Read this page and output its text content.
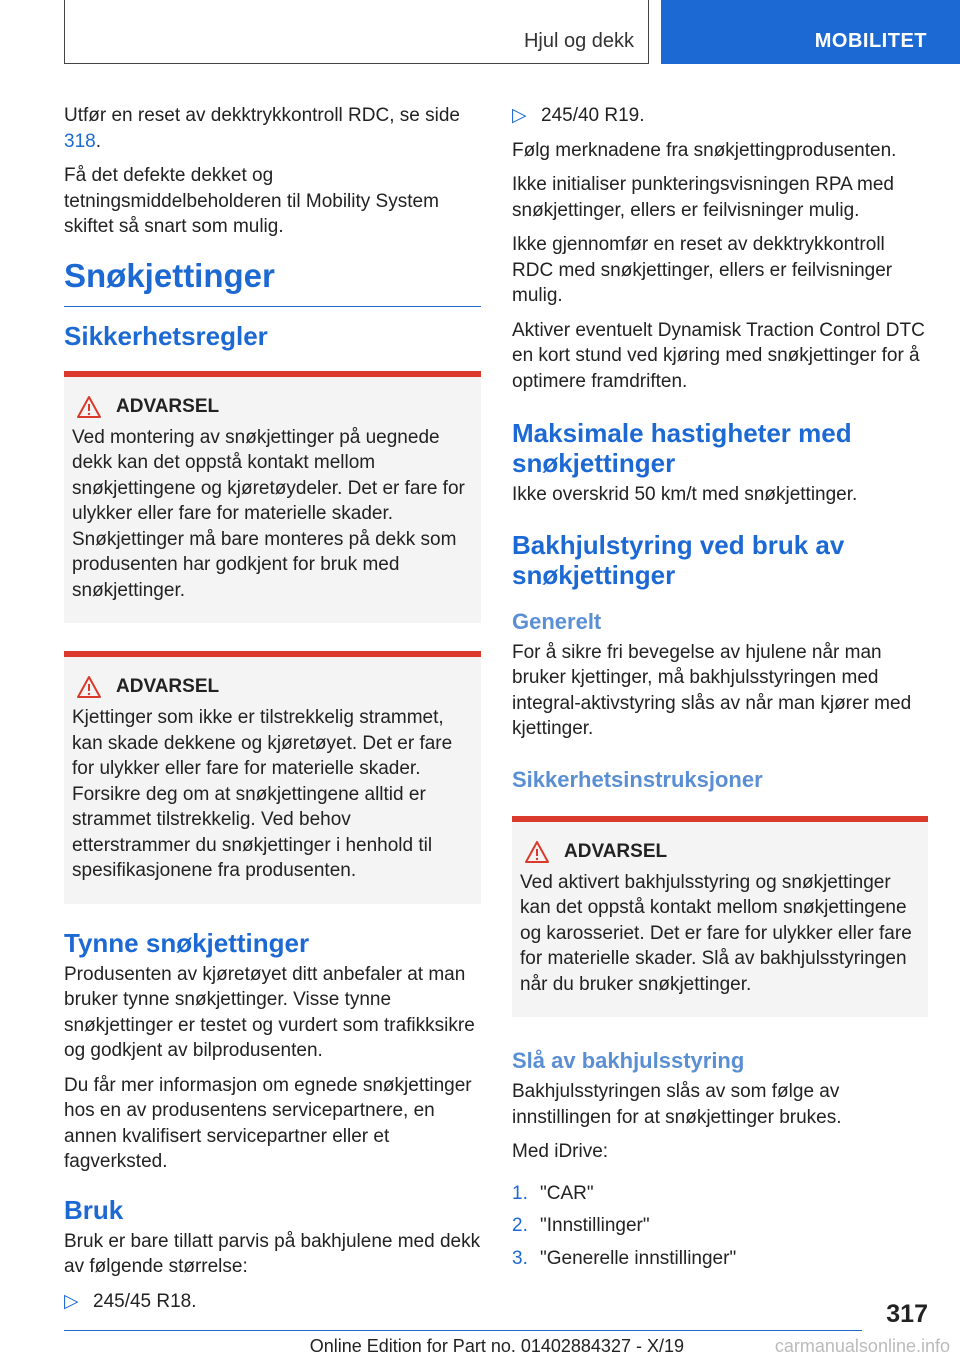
Hjul og dekk	MOBILITET

Utfør en reset av dekktrykkontroll RDC, se side 318.

Få det defekte dekket og tetningsmiddelbeholderen til Mobility System skiftet så snart som mulig.

Snøkjettinger
Sikkerhetsregler
ADVARSEL

Ved montering av snøkjettinger på uegnede dekk kan det oppstå kontakt mellom snøkjettingene og kjøretøydeler. Det er fare for ulykker eller fare for materielle skader. Snøkjettinger må bare monteres på dekk som produsenten har godkjent for bruk med snøkjettinger.

ADVARSEL

Kjettinger som ikke er tilstrekkelig strammet, kan skade dekkene og kjøretøyet. Det er fare for ulykker eller fare for materielle skader. Forsikre deg om at snøkjettingene alltid er strammet tilstrekkelig. Ved behov etterstrammer du snøkjettinger i henhold til spesifikasjonene fra produsenten.

Tynne snøkjettinger

Produsenten av kjøretøyet ditt anbefaler at man bruker tynne snøkjettinger. Visse tynne snøkjettinger er testet og vurdert som trafikksikre og godkjent av bilprodusenten.

Du får mer informasjon om egnede snøkjettinger hos en av produsentens servicepartnere, en annen kvalifisert servicepartner eller et fagverksted.

Bruk

Bruk er bare tillatt parvis på bakhjulene med dekk av følgende størrelse:

▷ 245/45 R18.
▷ 245/40 R19.

Følg merknadene fra snøkjettingprodusenten.

Ikke initialiser punkteringsvisningen RPA med snøkjettinger, ellers er feilvisninger mulig.

Ikke gjennomfør en reset av dekktrykkontroll RDC med snøkjettinger, ellers er feilvisninger mulig.

Aktiver eventuelt Dynamisk Traction Control DTC en kort stund ved kjøring med snøkjettinger for å optimere framdriften.

Maksimale hastigheter med snøkjettinger

Ikke overskrid 50 km/t med snøkjettinger.

Bakhjulstyring ved bruk av snøkjettinger
Generelt

For å sikre fri bevegelse av hjulene når man bruker kjettinger, må bakhjulsstyringen med integral-aktivstyring slås av når man kjører med kjettinger.

Sikkerhetsinstruksjoner
ADVARSEL

Ved aktivert bakhjulsstyring og snøkjettinger kan det oppstå kontakt mellom snøkjettingene og karosseriet. Det er fare for ulykker eller fare for materielle skader. Slå av bakhjulsstyringen når du bruker snøkjettinger.

Slå av bakhjulsstyring

Bakhjulsstyringen slås av som følge av innstillingen for at snøkjettinger brukes.

Med iDrive:

1. "CAR"
2. "Innstillinger"
3. "Generelle innstillinger"
317
Online Edition for Part no. 01402884327 - X/19	carmanualsonline.info
